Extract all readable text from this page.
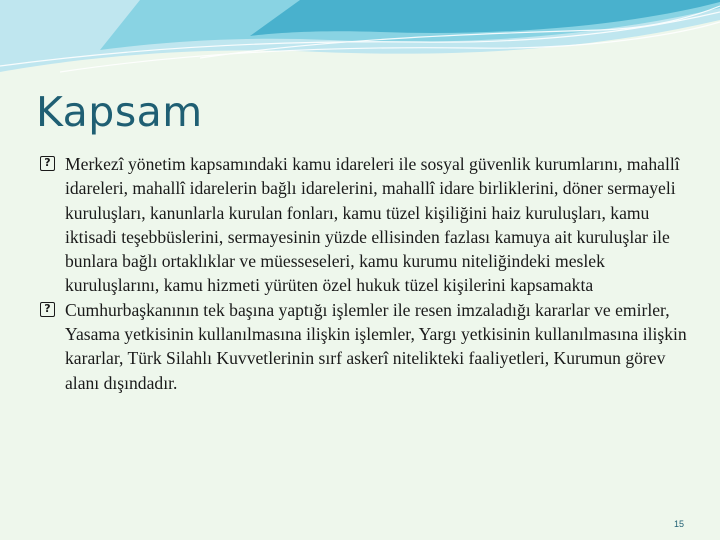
Kapsam
? Merkezî yönetim kapsamındaki kamu idareleri ile sosyal güvenlik kurumlarını, mahallî idareleri, mahallî idarelerin bağlı idarelerini, mahallî idare birliklerini, döner sermayeli kuruluşları, kanunlarla kurulan fonları, kamu tüzel kişiliğini haiz kuruluşları, kamu iktisadi teşebbüslerini, sermayesinin yüzde ellisinden fazlası kamuya ait kuruluşlar ile bunlara bağlı ortaklıklar ve müesseseleri, kamu kurumu niteliğindeki meslek kuruluşlarını, kamu hizmeti yürüten özel hukuk tüzel kişilerini kapsamakta
? Cumhurbaşkanının tek başına yaptığı işlemler ile resen imzaladığı kararlar ve emirler, Yasama yetkisinin kullanılmasına ilişkin işlemler, Yargı yetkisinin kullanılmasına ilişkin kararlar, Türk Silahlı Kuvvetlerinin sırf askerî nitelikteki faaliyetleri, Kurumun görev alanı dışındadır.
15
